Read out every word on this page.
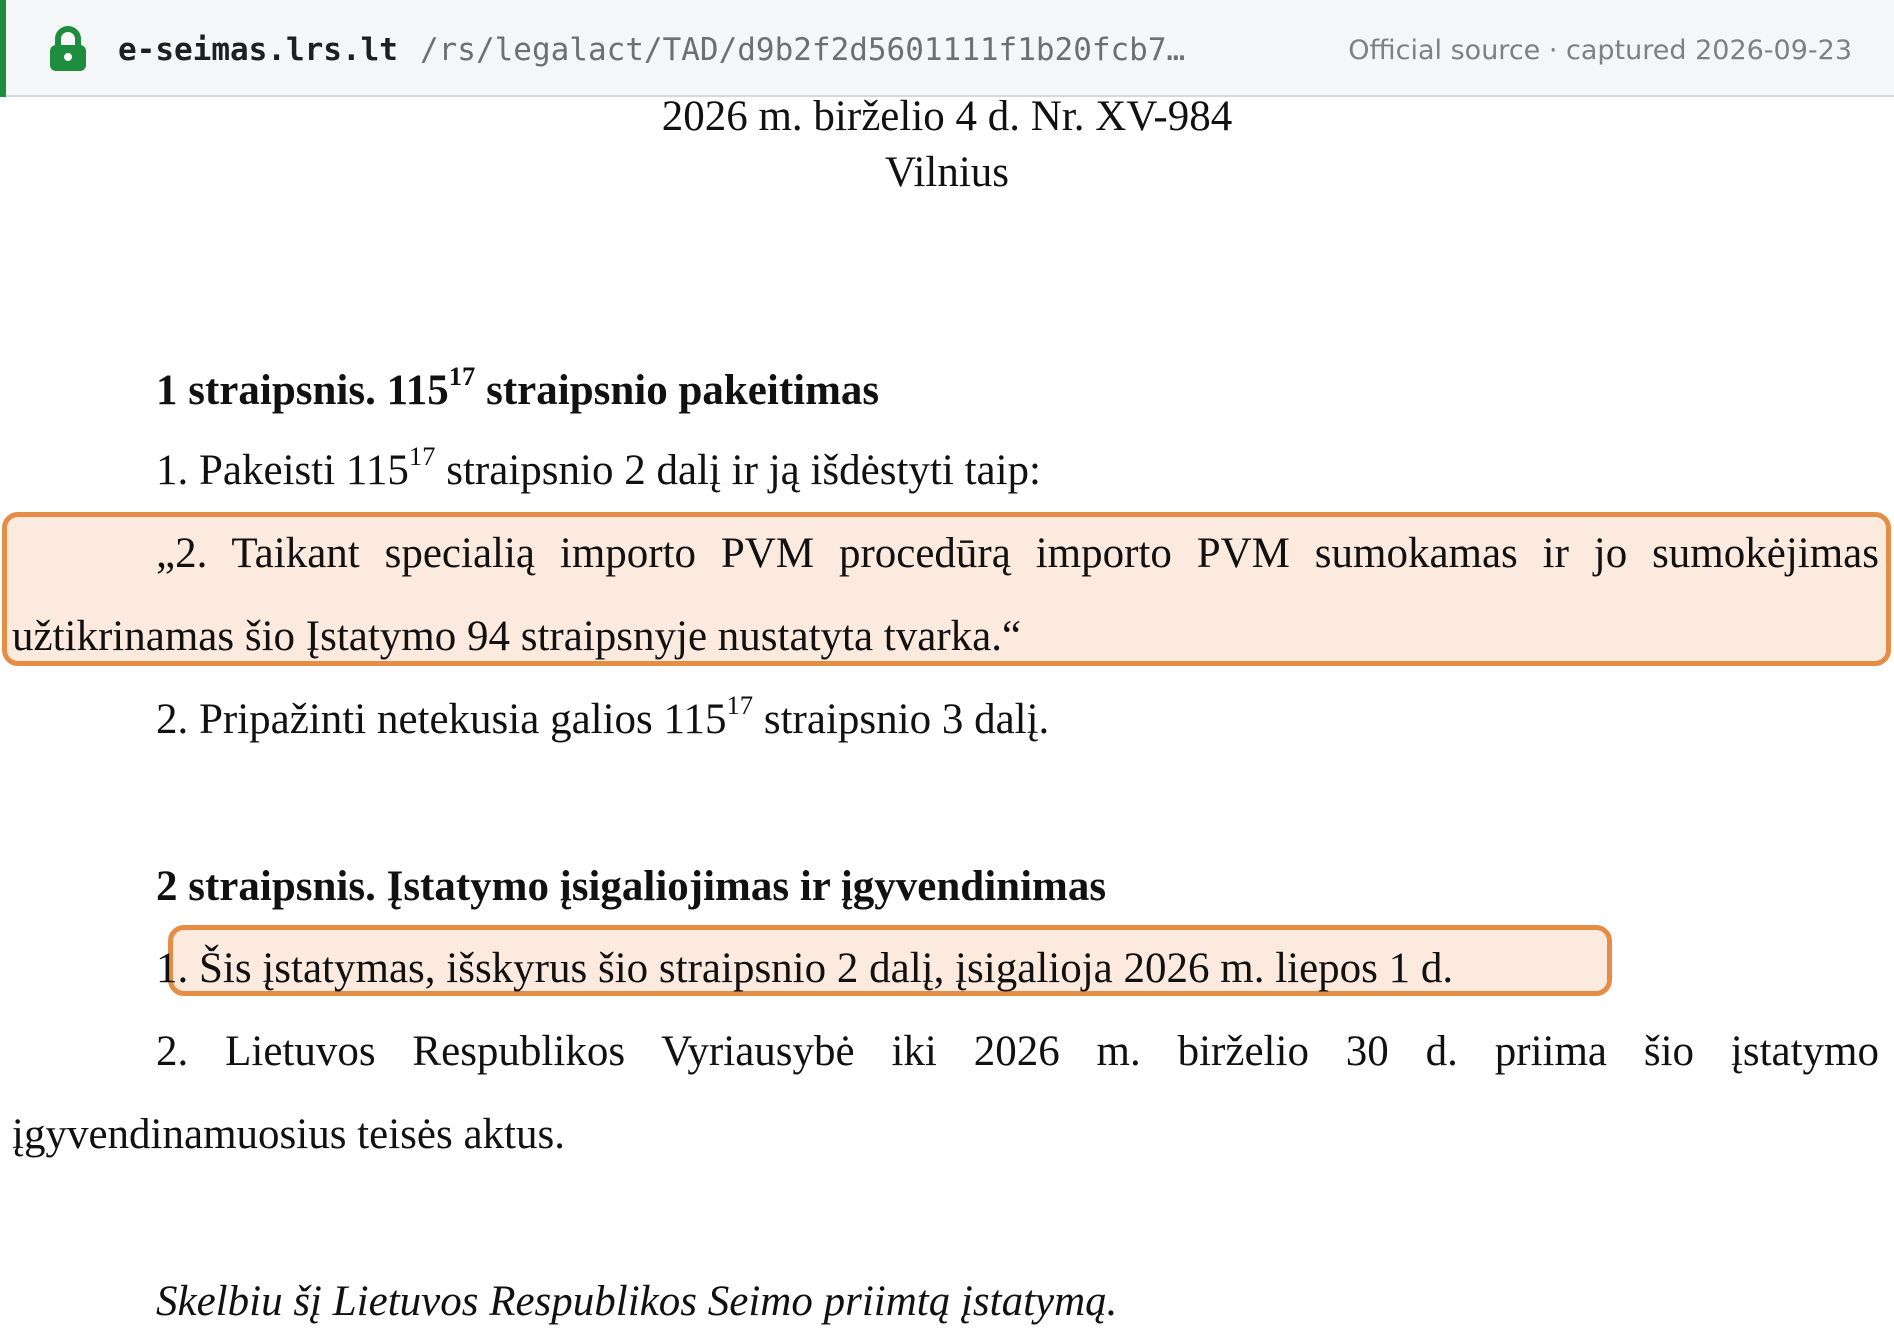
e-seimas.lrs.lt /rs/legalact/TAD/d9b2f2d5601111f1b20fcb7…	Official source · captured 2026-09-23
2026 m. birželio 4 d. Nr. XV-984
Vilnius
1 straipsnis. $115^{17}$ straipsnio pakeitimas
1. Pakeisti $115^{17}$ straipsnio 2 dalį ir ją išdėstyti taip:
„2. Taikant specialią importo PVM procedūrą importo PVM sumokamas ir jo sumokėjimas
užtikrinamas šio Įstatymo 94 straipsnyje nustatyta tvarka.“
2. Pripažinti netekusia galios $115^{17}$ straipsnio 3 dalį.
2 straipsnis. Įstatymo įsigaliojimas ir įgyvendinimas
1. Šis įstatymas, išskyrus šio straipsnio 2 dalį, įsigalioja 2026 m. liepos 1 d.
2. Lietuvos Respublikos Vyriausybė iki 2026 m. birželio 30 d. priima šio įstatymo
įgyvendinamuosius teisės aktus.
Skelbiu šį Lietuvos Respublikos Seimo priimtą įstatymą.
